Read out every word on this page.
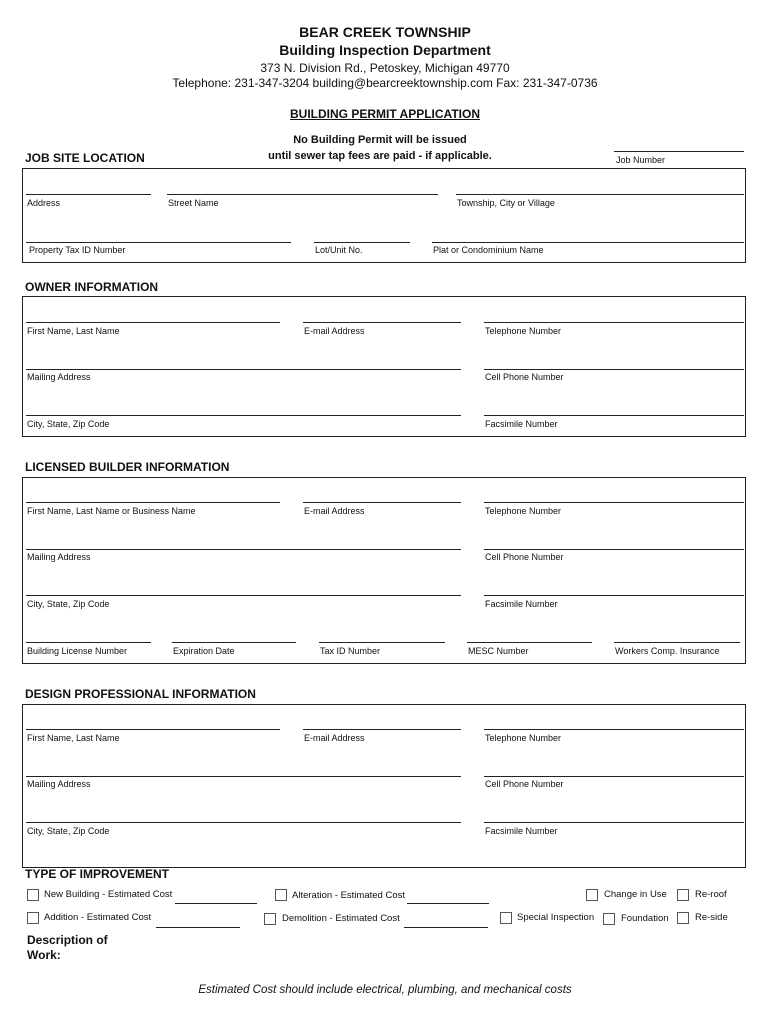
BEAR CREEK TOWNSHIP
Building Inspection Department
373 N. Division Rd., Petoskey, Michigan 49770
Telephone: 231-347-3204 building@bearcreektownship.com Fax: 231-347-0736
BUILDING PERMIT APPLICATION
No Building Permit will be issued
until sewer tap fees are paid - if applicable.	Job Number
JOB SITE LOCATION
Address	Street Name	Township, City or Village
Property Tax ID Number	Lot/Unit No.	Plat or Condominium Name
OWNER INFORMATION
First Name, Last Name	E-mail Address	Telephone Number
Mailing Address	Cell Phone Number
City, State, Zip Code	Facsimile Number
LICENSED BUILDER INFORMATION
First Name, Last Name or Business Name	E-mail Address	Telephone Number
Mailing Address	Cell Phone Number
City, State, Zip Code	Facsimile Number
Building License Number	Expiration Date	Tax ID Number	MESC Number	Workers Comp. Insurance
DESIGN PROFESSIONAL INFORMATION
First Name, Last Name	E-mail Address	Telephone Number
Mailing Address	Cell Phone Number
City, State, Zip Code	Facsimile Number
TYPE OF IMPROVEMENT
New Building - Estimated Cost	Alteration - Estimated Cost	Change in Use	Re-roof
Addition - Estimated Cost	Demolition - Estimated Cost	Special Inspection	Foundation	Re-side
Description of
Work:
Estimated Cost should include electrical, plumbing, and mechanical costs
